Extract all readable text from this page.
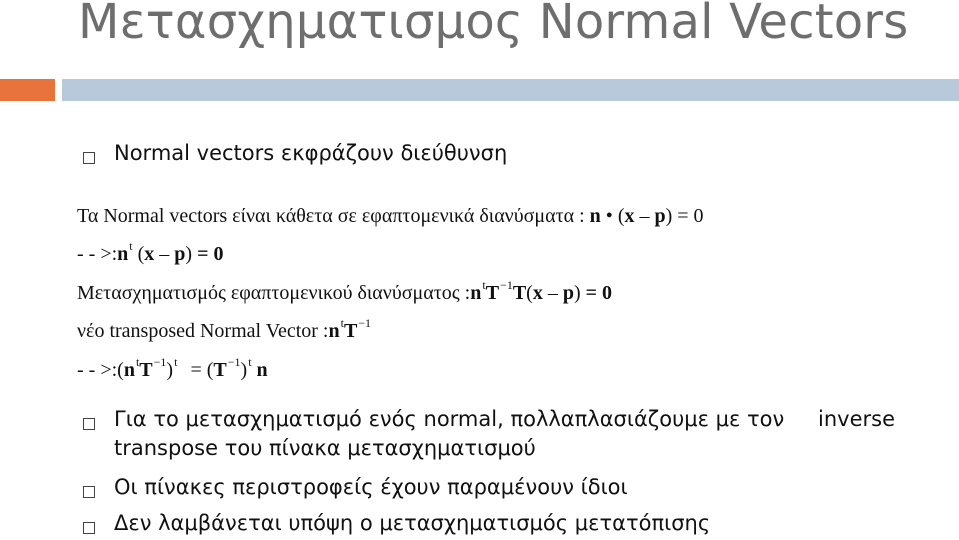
Μετασχηματισμος Normal Vectors
Normal vectors εκφράζουν διεύθυνση
Τα Normal vectors είναι κάθετα σε εφαπτομενικά διανύσματα : n • (x – p) = 0
- - $>:n^t$ (x – p) = 0
Μετασχηματισμός εφαπτομενικού διανύσματος $:n^tT^{-1}T(x - p) = 0$
νέο transposed Normal Vector $:n^tT^{-1}$
- - $>:(n^tT^{-1})^t = (T^{-1})^t$ n
Για το μετασχηματισμό ενός normal, πολλαπλασιάζουμε με τον inverse
transpose του πίνακα μετασχηματισμού
Οι πίνακες περιστροφείς έχουν παραμένουν ίδιοι
Δεν λαμβάνεται υπόψη ο μετασχηματισμός μετατόπισης
